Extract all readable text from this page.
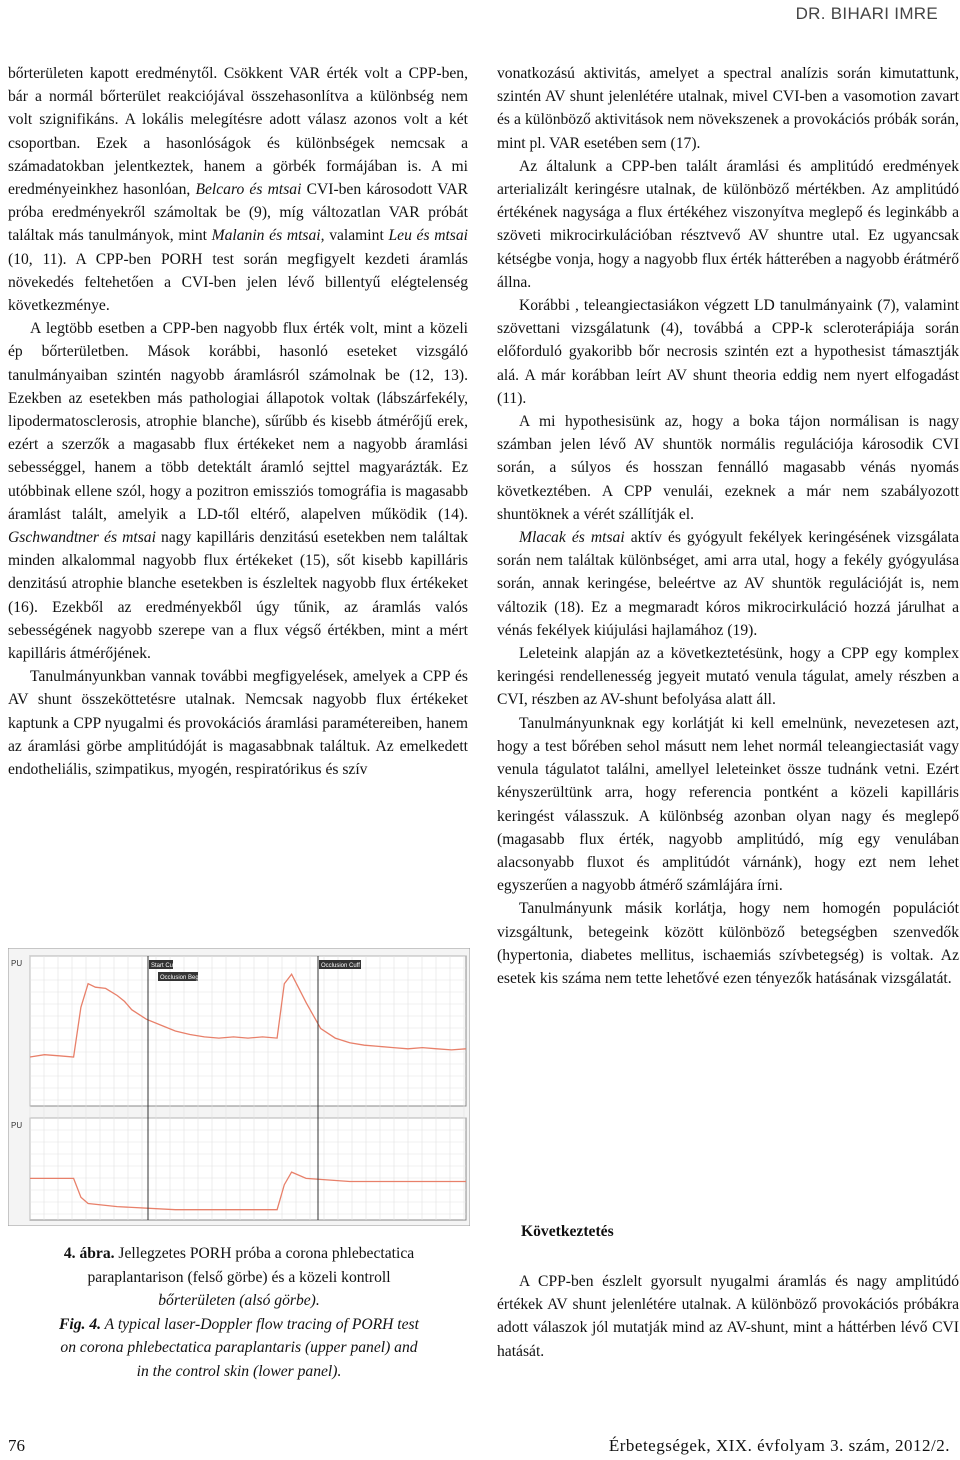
DR. BIHARI IMRE

bőrterületen kapott eredménytől. Csökkent VAR érték volt a CPP-ben, bár a normál bőrterület reakciójával összehasonlítva a különbség nem volt szignifikáns. A lokális melegítésre adott válasz azonos volt a két csoportban. Ezek a hasonlóságok és különbségek nemcsak a számadatokban jelentkeztek, hanem a görbék formájában is. A mi eredményeinkhez hasonlóan, Belcaro és mtsai CVI-ben károsodott VAR próba eredményekről számoltak be (9), míg változatlan VAR próbát találtak más tanulmányok, mint Malanin és mtsai, valamint Leu és mtsai (10, 11). A CPP-ben PORH test során megfigyelt kezdeti áramlás növekedés feltehetően a CVI-ben jelen lévő billentyű elégtelenség következménye.

A legtöbb esetben a CPP-ben nagyobb flux érték volt, mint a közeli ép bőrterületben. Mások korábbi, hasonló eseteket vizsgáló tanulmányaiban szintén nagyobb áramlásról számolnak be (12, 13). Ezekben az esetekben más pathologiai állapotok voltak (lábszárfekély, lipodermatosclerosis, atrophie blanche), sűrűbb és kisebb átmérőjű erek, ezért a szerzők a magasabb flux értékeket nem a nagyobb áramlási sebességgel, hanem a több detektált áramló sejttel magyarázták. Ez utóbbinak ellene szól, hogy a pozitron emissziós tomográfia is magasabb áramlást talált, amelyik a LD-től eltérő, alapelven működik (14). Gschwandtner és mtsai nagy kapilláris denzitású esetekben nem találtak minden alkalommal nagyobb flux értékeket (15), sőt kisebb kapilláris denzitású atrophie blanche esetekben is észleltek nagyobb flux értékeket (16). Ezekből az eredményekből úgy tűnik, az áramlás valós sebességének nagyobb szerepe van a flux végső értékben, mint a mért kapilláris átmérőjének.

Tanulmányunkban vannak további megfigyelések, amelyek a CPP és AV shunt összeköttetésre utalnak. Nemcsak nagyobb flux értékeket kaptunk a CPP nyugalmi és provokációs áramlási paramétereiben, hanem az áramlási görbe amplitúdóját is magasabbnak találtuk. Az emelkedett endotheliális, szimpatikus, myogén, respiratórikus és szív

vonatkozású aktivitás, amelyet a spectral analízis során kimutattunk, szintén AV shunt jelenlétére utalnak, mivel CVI-ben a vasomotion zavart és a különböző aktivitások nem növekszenek a provokációs próbák során, mint pl. VAR esetében sem (17).

Az általunk a CPP-ben talált áramlási és amplitúdó eredmények arterializált keringésre utalnak, de különböző mértékben. Az amplitúdó értékének nagysága a flux értékéhez viszonyítva meglepő és leginkább a szöveti mikrocirkulációban résztvevő AV shuntre utal. Ez ugyancsak kétségbe vonja, hogy a nagyobb flux érték hátterében a nagyobb érátmérő állna.

Korábbi , teleangiectasiákon végzett LD tanulmányaink (7), valamint szövettani vizsgálatunk (4), továbbá a CPP-k scleroterápiája során előforduló gyakoribb bőr necrosis szintén ezt a hypothesist támasztják alá. A már korábban leírt AV shunt theoria eddig nem nyert elfogadást (11).

A mi hypothesisünk az, hogy a boka tájon normálisan is nagy számban jelen lévő AV shuntök normális regulációja károsodik CVI során, a súlyos és hosszan fennálló magasabb vénás nyomás következtében. A CPP venulái, ezeknek a már nem szabályozott shuntöknek a vérét szállítják el.

Mlacak és mtsai aktív és gyógyult fekélyek keringésének vizsgálata során nem találtak különbséget, ami arra utal, hogy a fekély gyógyulása során, annak keringése, beleértve az AV shuntök regulációját is, nem változik (18). Ez a megmaradt kóros mikrocirkuláció hozzá járulhat a vénás fekélyek kiújulási hajlamához (19).

Leleteink alapján az a következtetésünk, hogy a CPP egy komplex keringési rendellenesség jegyeit mutató venula tágulat, amely részben a CVI, részben az AV-shunt befolyása alatt áll.

Tanulmányunknak egy korlátját ki kell emelnünk, nevezetesen azt, hogy a test bőrében sehol másutt nem lehet normál teleangiectasiát vagy venula tágulatot találni, amellyel leleteinket össze tudnánk vetni. Ezért kényszerültünk arra, hogy referencia pontként a közeli kapilláris keringést válasszuk. A különbség azonban olyan nagy és meglepő (magasabb flux érték, nagyobb amplitúdó, míg egy venulában alacsonyabb fluxot és amplitúdót várnánk), hogy ezt nem lehet egyszerűen a nagyobb átmérő számlájára írni.

Tanulmányunk másik korlátja, hogy nem homogén populációt vizsgáltunk, betegeink között különböző betegségben szenvedők (hypertonia, diabetes mellitus, ischaemiás szívbetegség) is voltak. Az esetek kis száma nem tette lehetővé ezen tényezők hatásának vizsgálatát.

PU
PU
Start Cuff
Occlusion Begin
Occlusion Cuff
4. ábra. Jellegzetes PORH próba a corona phlebectatica
paraplantarison (felső görbe) és a közeli kontroll
bőrterületen (alsó görbe).
Fig. 4. A typical laser-Doppler flow tracing of PORH test
on corona phlebectatica paraplantaris (upper panel) and
in the control skin (lower panel).
Következtetés

A CPP-ben észlelt gyorsult nyugalmi áramlás és nagy amplitúdó értékek AV shunt jelenlétére utalnak. A különböző provokációs próbákra adott válaszok jól mutatják mind az AV-shunt, mint a háttérben lévő CVI hatását.

76	Érbetegségek, XIX. évfolyam 3. szám, 2012/2.
